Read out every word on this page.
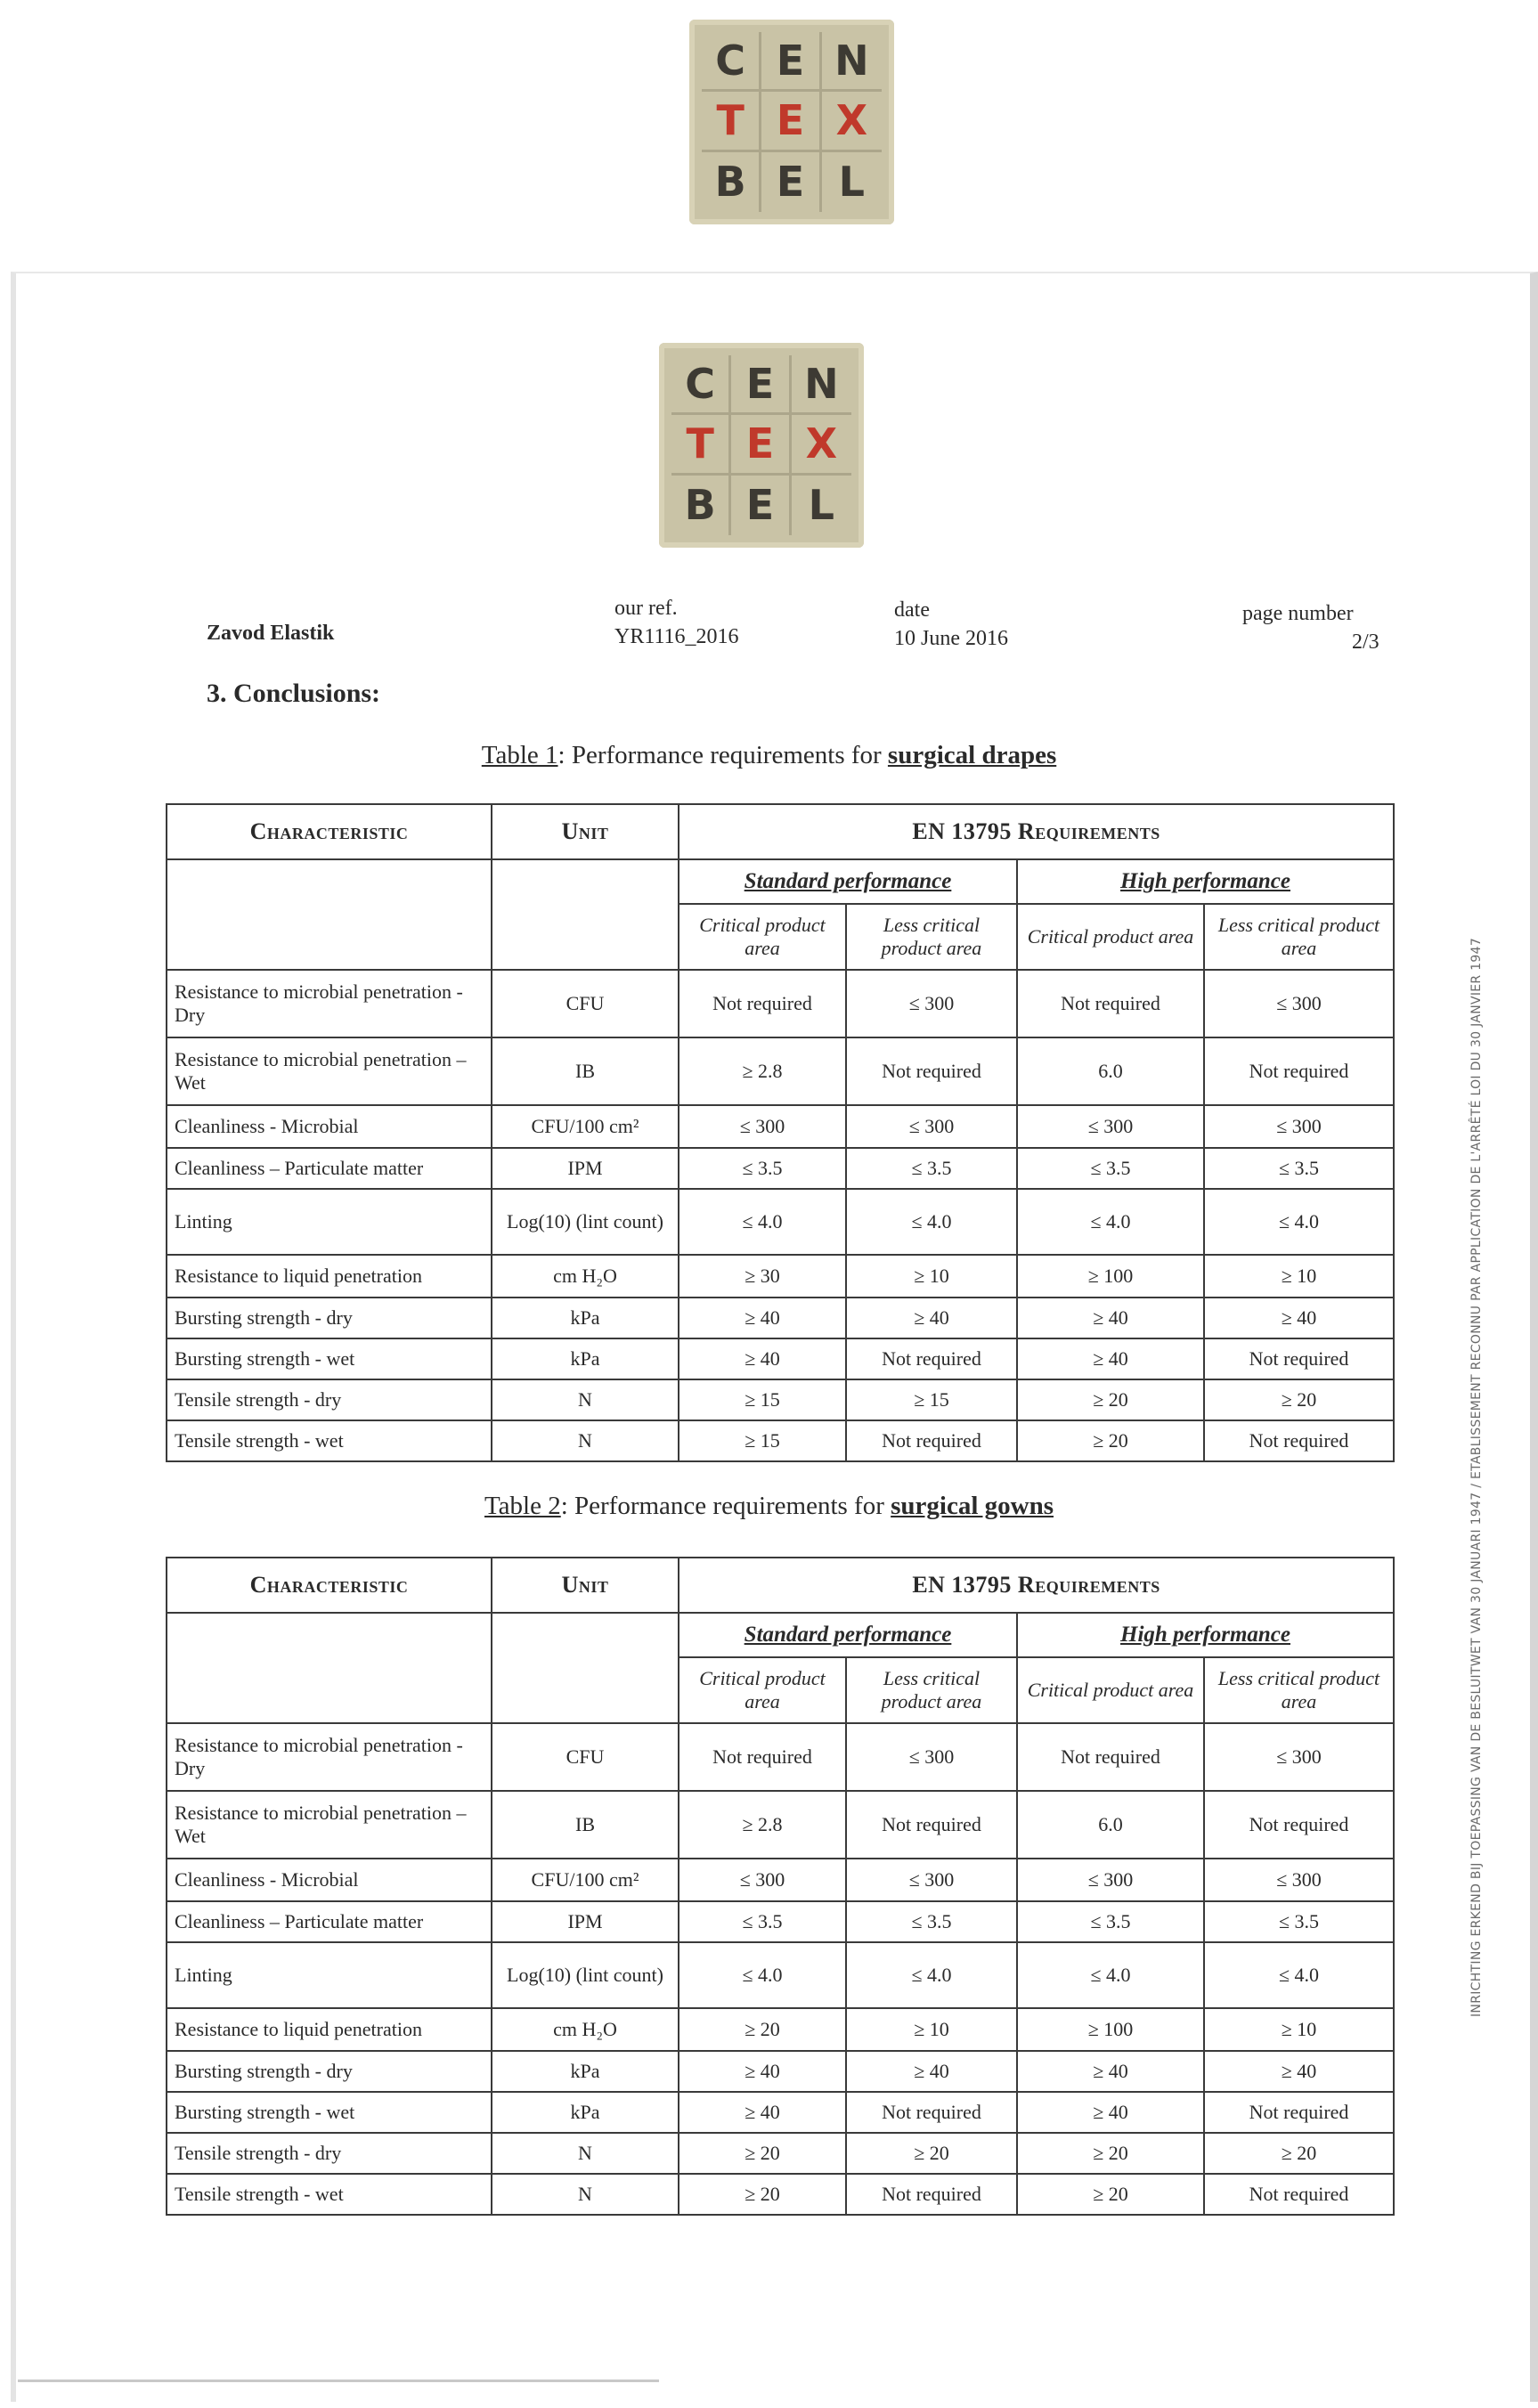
C E N
T E X
B E L
C E N
T E X
B E L
Zavod Elastik
our ref.
YR1116_2016
date
10 June 2016
page number
2/3
3. Conclusions:
Table 1: Performance requirements for surgical drapes
Characteristic	Unit	EN 13795 Requirements			
		Standard performance		High performance	
		Critical product area	Less critical product area	Critical product area	Less critical product area
Resistance to microbial penetration - Dry	CFU	Not required	≤ 300	Not required	≤ 300
Resistance to microbial penetration – Wet	IB	≥ 2.8	Not required	6.0	Not required
Cleanliness - Microbial	CFU/100 cm²	≤ 300	≤ 300	≤ 300	≤ 300
Cleanliness – Particulate matter	IPM	≤ 3.5	≤ 3.5	≤ 3.5	≤ 3.5
Linting	Log(10) (lint count)	≤ 4.0	≤ 4.0	≤ 4.0	≤ 4.0
Resistance to liquid penetration	cm H₂O	≥ 30	≥ 10	≥ 100	≥ 10
Bursting strength - dry	kPa	≥ 40	≥ 40	≥ 40	≥ 40
Bursting strength - wet	kPa	≥ 40	Not required	≥ 40	Not required
Tensile strength - dry	N	≥ 15	≥ 15	≥ 20	≥ 20
Tensile strength - wet	N	≥ 15	Not required	≥ 20	Not required
Table 2: Performance requirements for surgical gowns
Characteristic	Unit	EN 13795 Requirements			
		Standard performance		High performance	
		Critical product area	Less critical product area	Critical product area	Less critical product area
Resistance to microbial penetration - Dry	CFU	Not required	≤ 300	Not required	≤ 300
Resistance to microbial penetration – Wet	IB	≥ 2.8	Not required	6.0	Not required
Cleanliness - Microbial	CFU/100 cm²	≤ 300	≤ 300	≤ 300	≤ 300
Cleanliness – Particulate matter	IPM	≤ 3.5	≤ 3.5	≤ 3.5	≤ 3.5
Linting	Log(10) (lint count)	≤ 4.0	≤ 4.0	≤ 4.0	≤ 4.0
Resistance to liquid penetration	cm H₂O	≥ 20	≥ 10	≥ 100	≥ 10
Bursting strength - dry	kPa	≥ 40	≥ 40	≥ 40	≥ 40
Bursting strength - wet	kPa	≥ 40	Not required	≥ 40	Not required
Tensile strength - dry	N	≥ 20	≥ 20	≥ 20	≥ 20
Tensile strength - wet	N	≥ 20	Not required	≥ 20	Not required
INRICHTING ERKEND BIJ TOEPASSING VAN DE BESLUITWET VAN 30 JANUARI 1947 / ETABLISSEMENT RECONNU PAR APPLICATION DE L'ARRÊTÉ LOI DU 30 JANVIER 1947
